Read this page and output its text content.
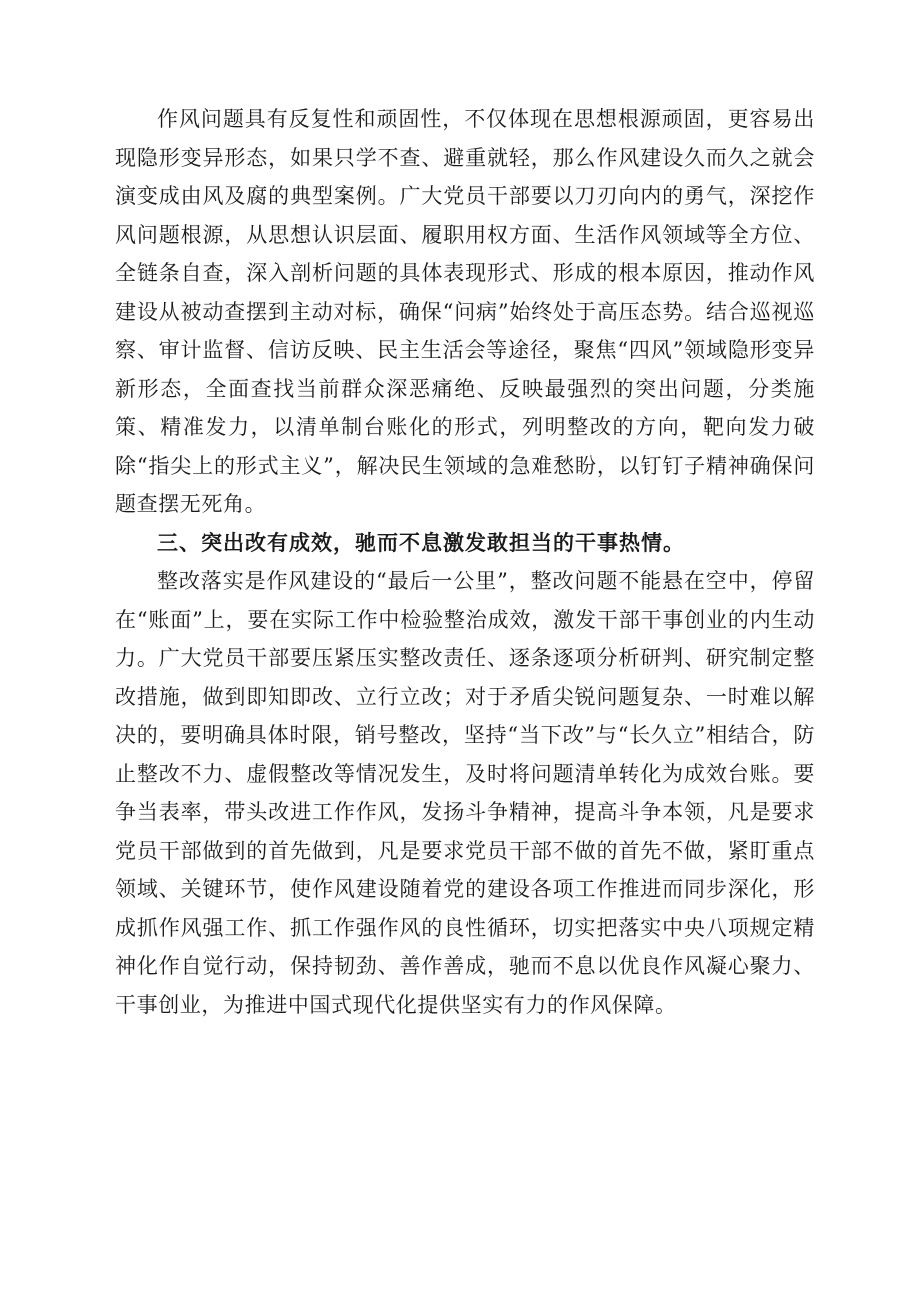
作风问题具有反复性和顽固性，不仅体现在思想根源顽固，更容易出现隐形变异形态，如果只学不查、避重就轻，那么作风建设久而久之就会演变成由风及腐的典型案例。广大党员干部要以刀刃向内的勇气，深挖作风问题根源，从思想认识层面、履职用权方面、生活作风领域等全方位、全链条自查，深入剖析问题的具体表现形式、形成的根本原因，推动作风建设从被动查摆到主动对标，确保“问病”始终处于高压态势。结合巡视巡察、审计监督、信访反映、民主生活会等途径，聚焦“四风”领域隐形变异新形态，全面查找当前群众深恶痛绝、反映最强烈的突出问题，分类施策、精准发力，以清单制台账化的形式，列明整改的方向，靶向发力破除“指尖上的形式主义”，解决民生领域的急难愁盼，以钉钉子精神确保问题查摆无死角。

三、突出改有成效，驰而不息激发敢担当的干事热情。

整改落实是作风建设的“最后一公里”，整改问题不能悬在空中，停留在“账面”上，要在实际工作中检验整治成效，激发干部干事创业的内生动力。广大党员干部要压紧压实整改责任、逐条逐项分析研判、研究制定整改措施，做到即知即改、立行立改；对于矛盾尖锐问题复杂、一时难以解决的，要明确具体时限，销号整改，坚持“当下改”与“长久立”相结合，防止整改不力、虚假整改等情况发生，及时将问题清单转化为成效台账。要争当表率，带头改进工作作风，发扬斗争精神，提高斗争本领，凡是要求党员干部做到的首先做到，凡是要求党员干部不做的首先不做，紧盯重点领域、关键环节，使作风建设随着党的建设各项工作推进而同步深化，形成抓作风强工作、抓工作强作风的良性循环，切实把落实中央八项规定精神化作自觉行动，保持韧劲、善作善成，驰而不息以优良作风凝心聚力、干事创业，为推进中国式现代化提供坚实有力的作风保障。
